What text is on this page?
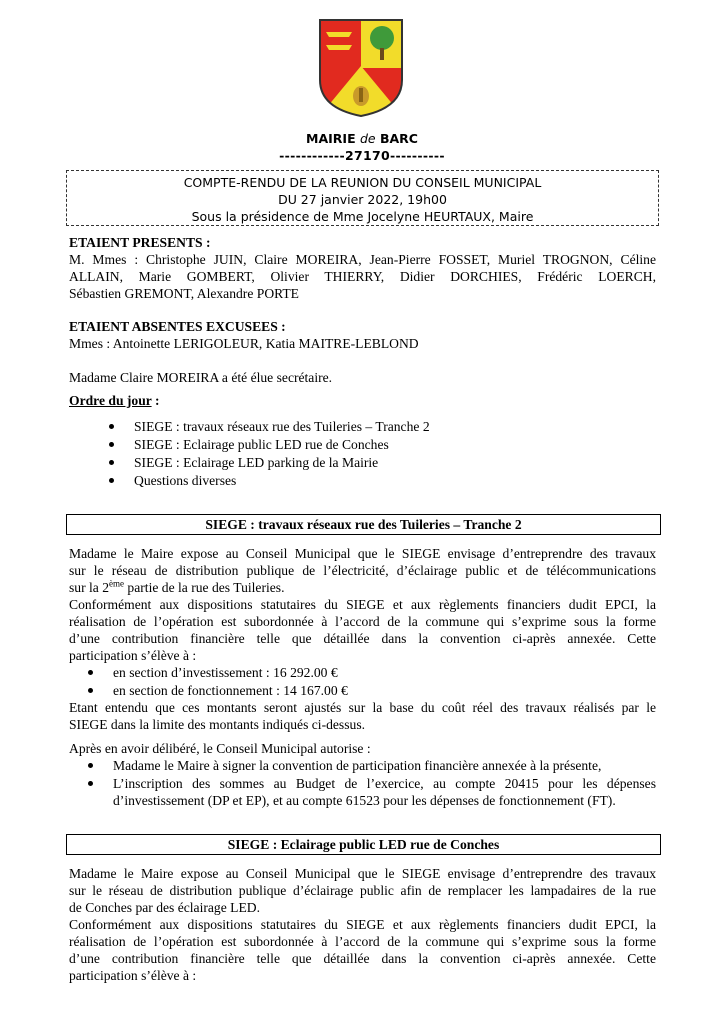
MAIRIE de BARC
------------27170----------
COMPTE-RENDU DE LA REUNION DU CONSEIL MUNICIPAL
DU 27 janvier 2022, 19h00
Sous la présidence de Mme Jocelyne HEURTAUX, Maire
ETAIENT PRESENTS :
M. Mmes : Christophe JUIN, Claire MOREIRA, Jean-Pierre FOSSET, Muriel TROGNON, Céline
ALLAIN, Marie GOMBERT, Olivier THIERRY, Didier DORCHIES, Frédéric LOERCH,
Sébastien GREMONT, Alexandre PORTE
ETAIENT ABSENTES EXCUSEES :
Mmes : Antoinette LERIGOLEUR, Katia MAITRE-LEBLOND
Madame Claire MOREIRA a été élue secrétaire.
Ordre du jour :
SIEGE : travaux réseaux rue des Tuileries – Tranche 2
SIEGE : Eclairage public LED rue de Conches
SIEGE : Eclairage LED parking de la Mairie
Questions diverses
SIEGE : travaux réseaux rue des Tuileries – Tranche 2
Madame le Maire expose au Conseil Municipal que le SIEGE envisage d’entreprendre des travaux
sur le réseau de distribution publique de l’électricité, d’éclairage public et de télécommunications
sur la 2ème partie de la rue des Tuileries.
Conformément aux dispositions statutaires du SIEGE et aux règlements financiers dudit EPCI, la
réalisation de l’opération est subordonnée à l’accord de la commune qui s’exprime sous la forme
d’une contribution financière telle que détaillée dans la convention ci-après annexée. Cette
participation s’élève à :
en section d’investissement : 16 292.00 €
en section de fonctionnement : 14 167.00 €
Etant entendu que ces montants seront ajustés sur la base du coût réel des travaux réalisés par le
SIEGE dans la limite des montants indiqués ci-dessus.
Après en avoir délibéré, le Conseil Municipal autorise :
Madame le Maire à signer la convention de participation financière annexée à la présente,
L’inscription des sommes au Budget de l’exercice, au compte 20415 pour les dépenses
d’investissement (DP et EP), et au compte 61523 pour les dépenses de fonctionnement (FT).
SIEGE : Eclairage public LED rue de Conches
Madame le Maire expose au Conseil Municipal que le SIEGE envisage d’entreprendre des travaux
sur le réseau de distribution publique d’éclairage public afin de remplacer les lampadaires de la rue
de Conches par des éclairage LED.
Conformément aux dispositions statutaires du SIEGE et aux règlements financiers dudit EPCI, la
réalisation de l’opération est subordonnée à l’accord de la commune qui s’exprime sous la forme
d’une contribution financière telle que détaillée dans la convention ci-après annexée. Cette
participation s’élève à :
